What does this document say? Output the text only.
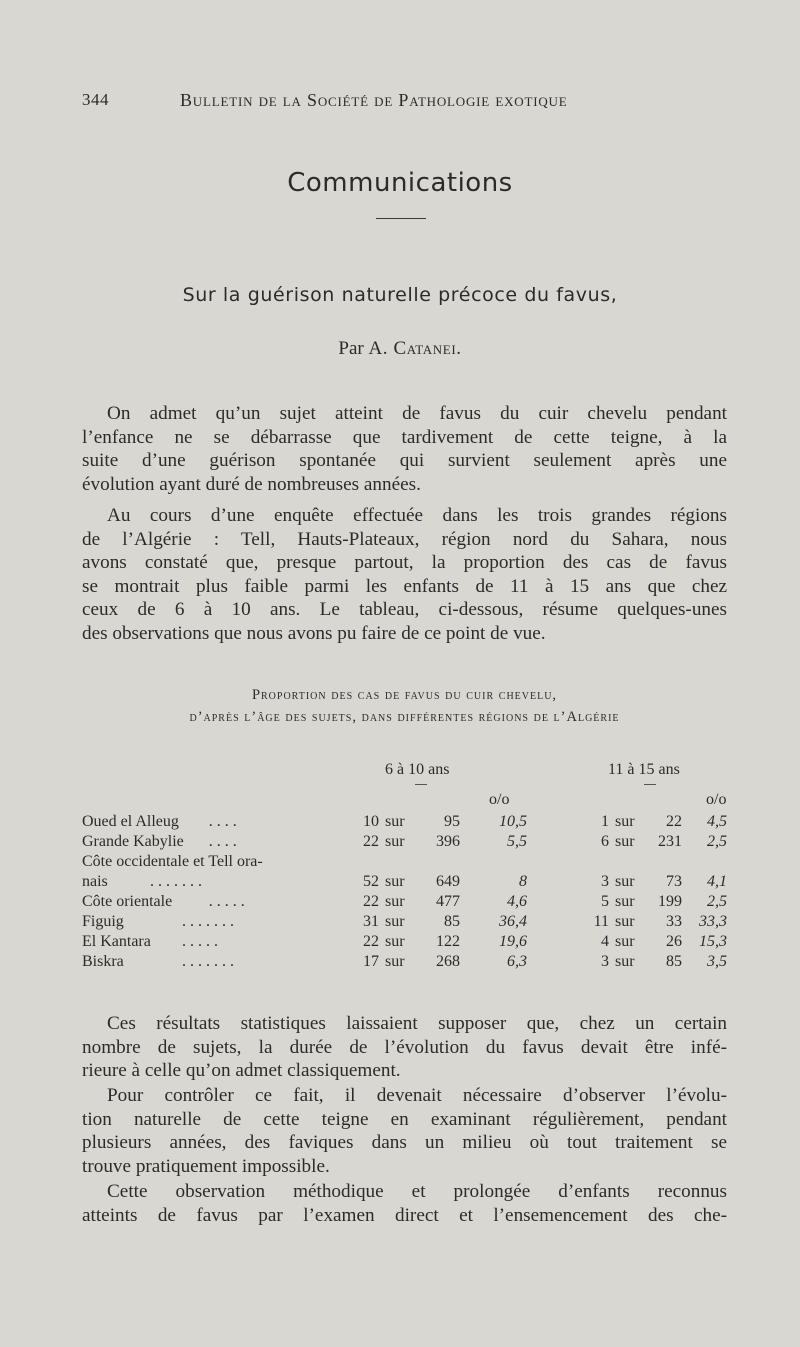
344	Bulletin de la Société de Pathologie exotique
Communications
Sur la guérison naturelle précoce du favus,
Par A. Catanei.
On admet qu’un sujet atteint de favus du cuir chevelu pendant
l’enfance ne se débarrasse que tardivement de cette teigne, à la
suite d’une guérison spontanée qui survient seulement après une
évolution ayant duré de nombreuses années.
Au cours d’une enquête effectuée dans les trois grandes régions
de l’Algérie : Tell, Hauts-Plateaux, région nord du Sahara, nous
avons constaté que, presque partout, la proportion des cas de favus
se montrait plus faible parmi les enfants de 11 à 15 ans que chez
ceux de 6 à 10 ans. Le tableau, ci-dessous, résume quelques-unes
des observations que nous avons pu faire de ce point de vue.
Proportion des cas de favus du cuir chevelu,
d’après l’âge des sujets, dans différentes régions de l’Algérie
6 à 10 ans	11 à 15 ans
o/o	o/o
Oued el Alleug . . . .	10 sur 95 10,5	1 sur 22 4,5
Grande Kabylie . . . .	22 sur 396	5,5	6 sur 231 2,5
Côte occidentale et Tell ora-
nais	. . . . . . .	52 sur 649	8	3 sur 73 4,1
Côte orientale . . . . .	22 sur 477	4,6	5 sur 199 2,5
Figuig	. . . . . . .	31 sur 85 36,4	11 sur 33 33,3
El Kantara . . . . .	22 sur 122 19,6	4 sur 26 15,3
Biskra	. . . . . . .	17 sur 268	6,3	3 sur 85 3,5
Ces résultats statistiques laissaient supposer que, chez un certain
nombre de sujets, la durée de l’évolution du favus devait être infé-
rieure à celle qu’on admet classiquement.
Pour contrôler ce fait, il devenait nécessaire d’observer l’évolu-
tion naturelle de cette teigne en examinant régulièrement, pendant
plusieurs années, des faviques dans un milieu où tout traitement se
trouve pratiquement impossible.
Cette observation méthodique et prolongée d’enfants reconnus
atteints de favus par l’examen direct et l’ensemencement des che-
